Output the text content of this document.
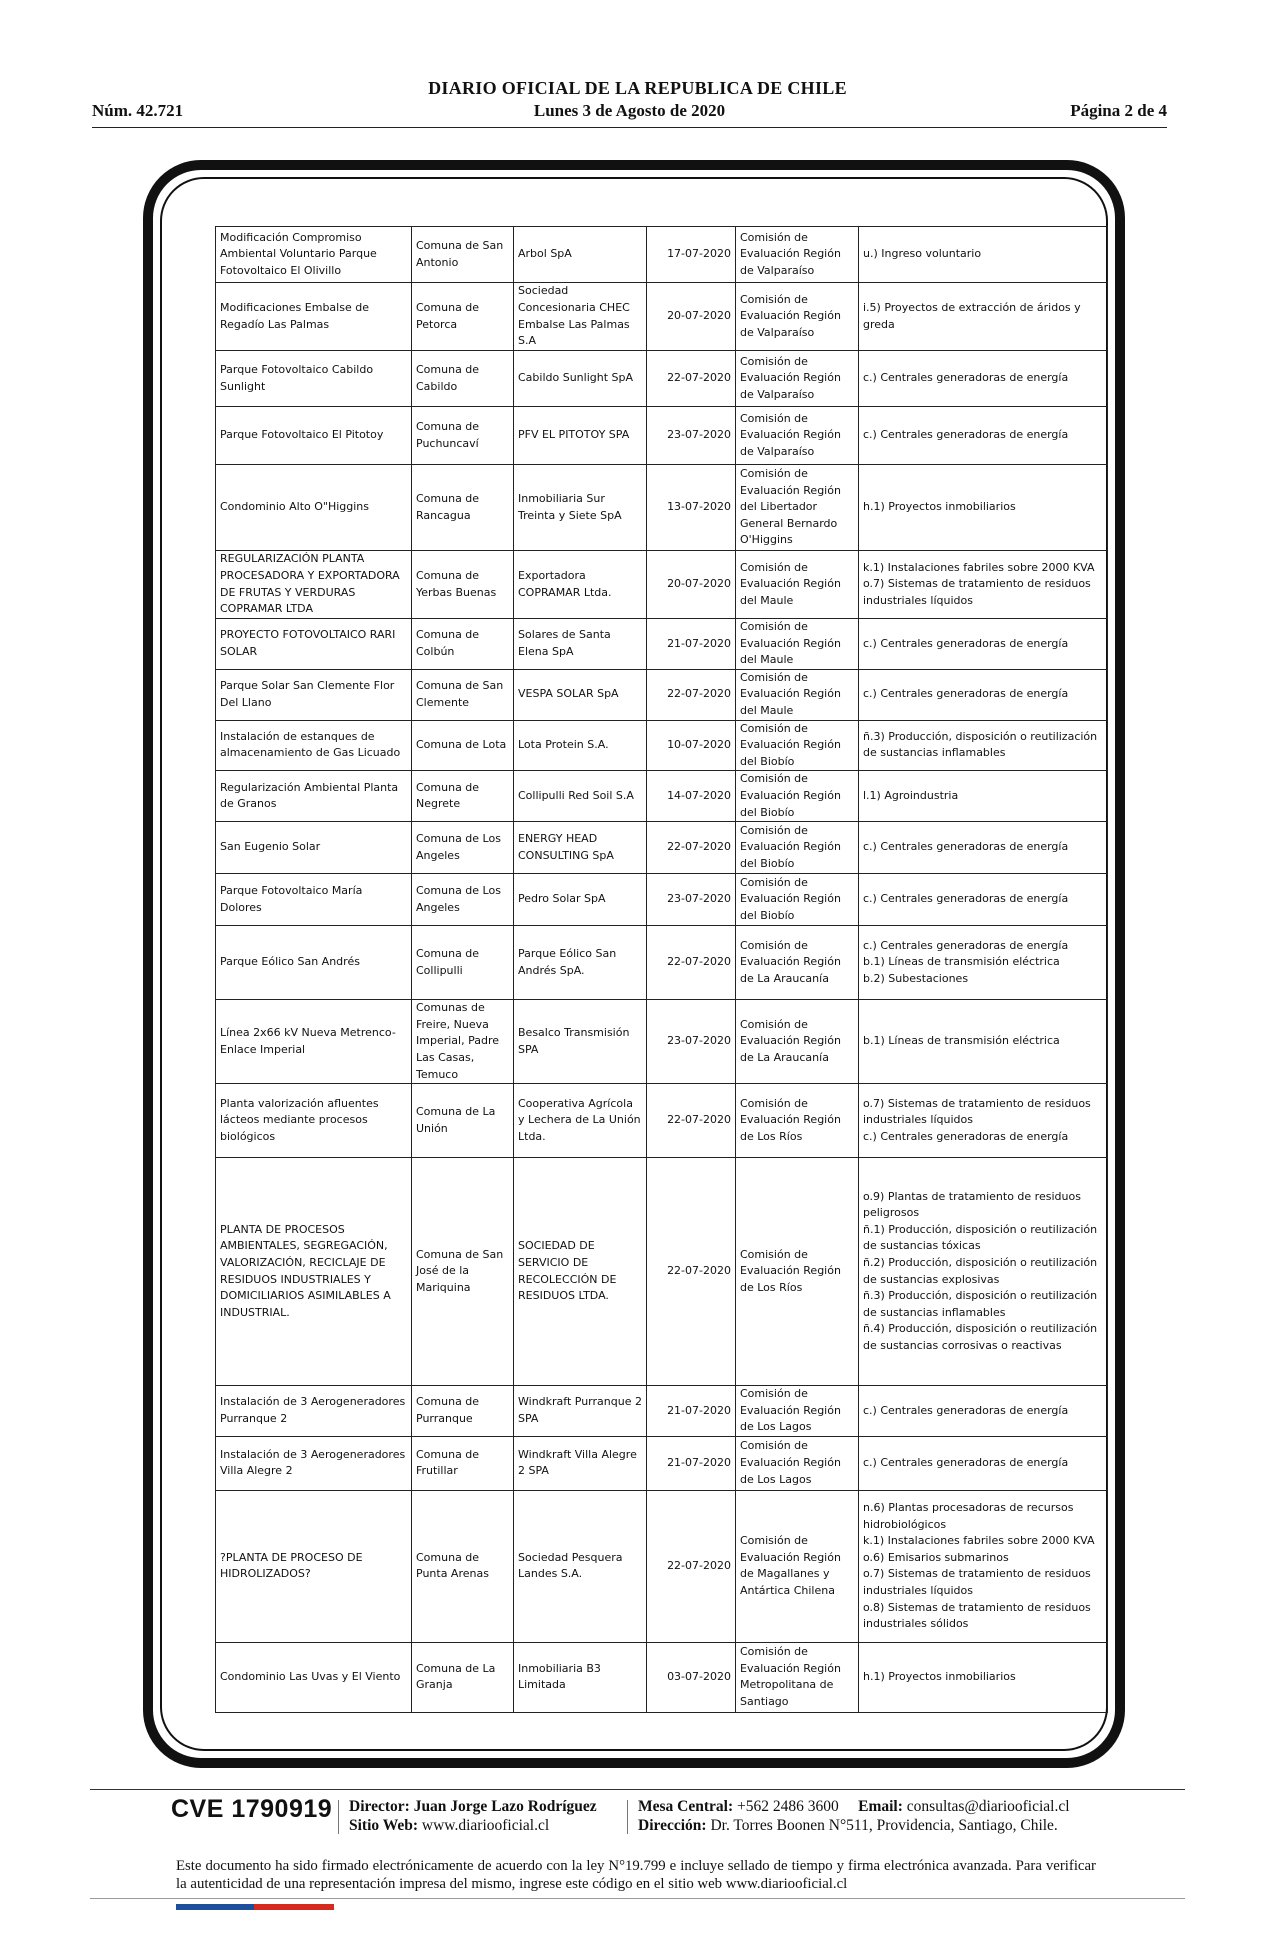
DIARIO OFICIAL DE LA REPUBLICA DE CHILE
Núm. 42.721	Lunes 3 de Agosto de 2020	Página 2 de 4
Modificación Compromiso Ambiental Voluntario Parque Fotovoltaico El Olivillo	Comuna de San Antonio	Arbol SpA	17-07-2020	Comisión de Evaluación Región de Valparaíso	u.) Ingreso voluntario

Modificaciones Embalse de Regadío Las Palmas	Comuna de Petorca	Sociedad Concesionaria CHEC Embalse Las Palmas S.A	20-07-2020	Comisión de Evaluación Región de Valparaíso	i.5) Proyectos de extracción de áridos y greda

Parque Fotovoltaico Cabildo Sunlight	Comuna de Cabildo	Cabildo Sunlight SpA	22-07-2020	Comisión de Evaluación Región de Valparaíso	c.) Centrales generadoras de energía

Parque Fotovoltaico El Pitotoy	Comuna de Puchuncaví	PFV EL PITOTOY SPA	23-07-2020	Comisión de Evaluación Región de Valparaíso	c.) Centrales generadoras de energía

Condominio Alto O"Higgins	Comuna de Rancagua	Inmobiliaria Sur Treinta y Siete SpA	13-07-2020	Comisión de Evaluación Región del Libertador General Bernardo O'Higgins	h.1) Proyectos inmobiliarios

REGULARIZACIÓN PLANTA PROCESADORA Y EXPORTADORA DE FRUTAS Y VERDURAS COPRAMAR LTDA	Comuna de Yerbas Buenas	Exportadora COPRAMAR Ltda.	20-07-2020	Comisión de Evaluación Región del Maule	k.1) Instalaciones fabriles sobre 2000 KVA
o.7) Sistemas de tratamiento de residuos industriales líquidos

PROYECTO FOTOVOLTAICO RARI SOLAR	Comuna de Colbún	Solares de Santa Elena SpA	21-07-2020	Comisión de Evaluación Región del Maule	c.) Centrales generadoras de energía

Parque Solar San Clemente Flor Del Llano	Comuna de San Clemente	VESPA SOLAR SpA	22-07-2020	Comisión de Evaluación Región del Maule	c.) Centrales generadoras de energía

Instalación de estanques de almacenamiento de Gas Licuado	Comuna de Lota	Lota Protein S.A.	10-07-2020	Comisión de Evaluación Región del Biobío	ñ.3) Producción, disposición o reutilización de sustancias inflamables

Regularización Ambiental Planta de Granos	Comuna de Negrete	Collipulli Red Soil S.A	14-07-2020	Comisión de Evaluación Región del Biobío	l.1) Agroindustria

San Eugenio Solar	Comuna de Los Angeles	ENERGY HEAD CONSULTING SpA	22-07-2020	Comisión de Evaluación Región del Biobío	c.) Centrales generadoras de energía

Parque Fotovoltaico María Dolores	Comuna de Los Angeles	Pedro Solar SpA	23-07-2020	Comisión de Evaluación Región del Biobío	c.) Centrales generadoras de energía

Parque Eólico San Andrés	Comuna de Collipulli	Parque Eólico San Andrés SpA.	22-07-2020	Comisión de Evaluación Región de La Araucanía	c.) Centrales generadoras de energía
b.1) Líneas de transmisión eléctrica
b.2) Subestaciones

Línea 2x66 kV Nueva Metrenco-Enlace Imperial	Comunas de Freire, Nueva Imperial, Padre Las Casas, Temuco	Besalco Transmisión SPA	23-07-2020	Comisión de Evaluación Región de La Araucanía	b.1) Líneas de transmisión eléctrica

Planta valorización afluentes lácteos mediante procesos biológicos	Comuna de La Unión	Cooperativa Agrícola y Lechera de La Unión Ltda.	22-07-2020	Comisión de Evaluación Región de Los Ríos	o.7) Sistemas de tratamiento de residuos industriales líquidos
c.) Centrales generadoras de energía

PLANTA DE PROCESOS AMBIENTALES, SEGREGACIÓN, VALORIZACIÓN, RECICLAJE DE RESIDUOS INDUSTRIALES Y DOMICILIARIOS ASIMILABLES A INDUSTRIAL.	Comuna de San José de la Mariquina	SOCIEDAD DE SERVICIO DE RECOLECCIÓN DE RESIDUOS LTDA.	22-07-2020	Comisión de Evaluación Región de Los Ríos	o.9) Plantas de tratamiento de residuos peligrosos
ñ.1) Producción, disposición o reutilización de sustancias tóxicas
ñ.2) Producción, disposición o reutilización de sustancias explosivas
ñ.3) Producción, disposición o reutilización de sustancias inflamables
ñ.4) Producción, disposición o reutilización de sustancias corrosivas o reactivas

Instalación de 3 Aerogeneradores Purranque 2	Comuna de Purranque	Windkraft Purranque 2 SPA	21-07-2020	Comisión de Evaluación Región de Los Lagos	c.) Centrales generadoras de energía

Instalación de 3 Aerogeneradores Villa Alegre 2	Comuna de Frutillar	Windkraft Villa Alegre 2 SPA	21-07-2020	Comisión de Evaluación Región de Los Lagos	c.) Centrales generadoras de energía

?PLANTA DE PROCESO DE HIDROLIZADOS?	Comuna de Punta Arenas	Sociedad Pesquera Landes S.A.	22-07-2020	Comisión de Evaluación Región de Magallanes y Antártica Chilena	n.6) Plantas procesadoras de recursos hidrobiológicos
k.1) Instalaciones fabriles sobre 2000 KVA
o.6) Emisarios submarinos
o.7) Sistemas de tratamiento de residuos industriales líquidos
o.8) Sistemas de tratamiento de residuos industriales sólidos

Condominio Las Uvas y El Viento	Comuna de La Granja	Inmobiliaria B3 Limitada	03-07-2020	Comisión de Evaluación Región Metropolitana de Santiago	h.1) Proyectos inmobiliarios
CVE 1790919 Director: Juan Jorge Lazo Rodríguez
Sitio Web: www.diariooficial.cl
Mesa Central: +562 2486 3600 Email: consultas@diariooficial.cl
Dirección: Dr. Torres Boonen N°511, Providencia, Santiago, Chile.
Este documento ha sido firmado electrónicamente de acuerdo con la ley N°19.799 e incluye sellado de tiempo y firma electrónica avanzada. Para verificar la autenticidad de una representación impresa del mismo, ingrese este código en el sitio web www.diariooficial.cl
